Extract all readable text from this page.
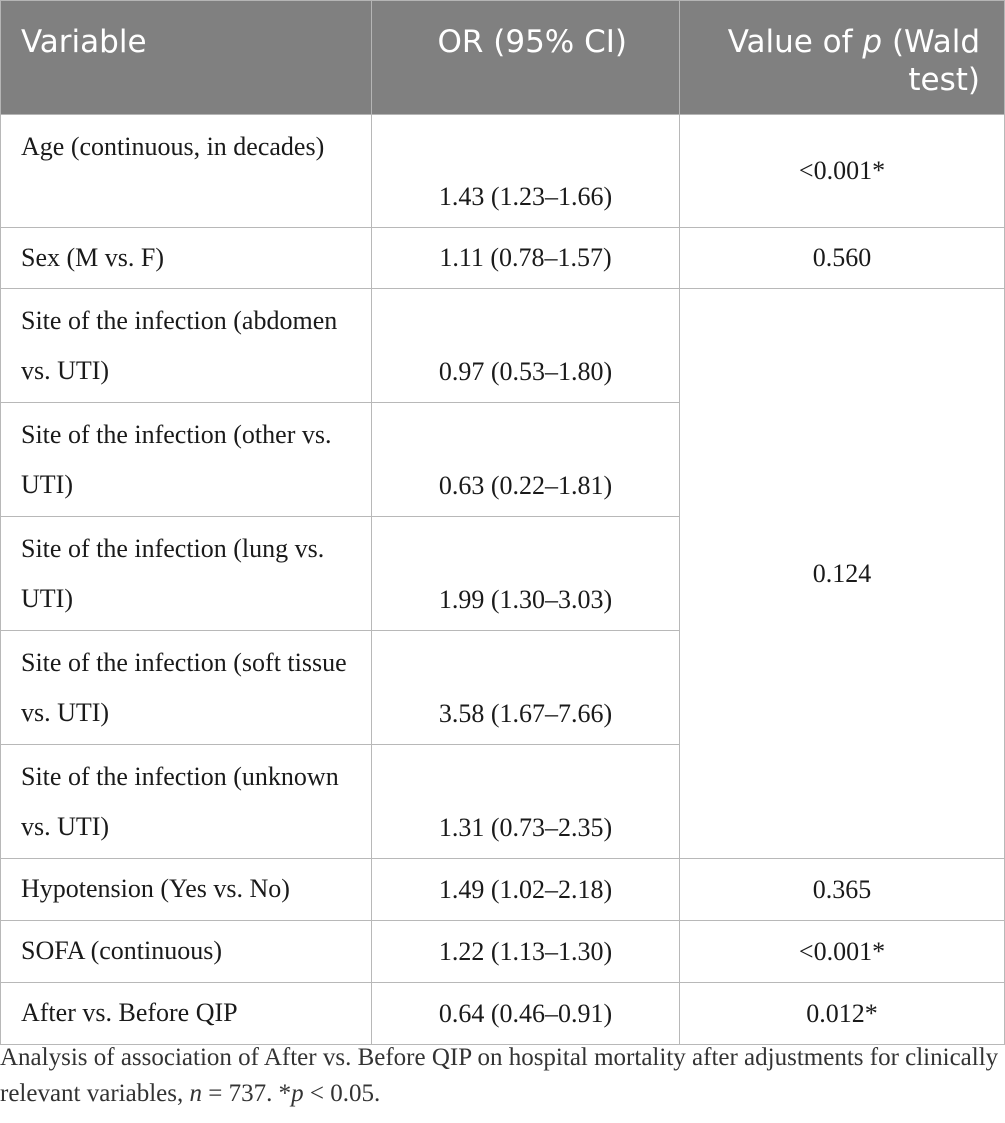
Variable	OR (95% CI)	Value of p (Wald test)

Age (continuous, in decades)	1.43 (1.23–1.66)	<0.001*
Sex (M vs. F)	1.11 (0.78–1.57)	0.560
Site of the infection (abdomen vs. UTI)	0.97 (0.53–1.80)	0.124
Site of the infection (other vs. UTI)	0.63 (0.22–1.81)	
Site of the infection (lung vs. UTI)	1.99 (1.30–3.03)	
Site of the infection (soft tissue vs. UTI)	3.58 (1.67–7.66)	
Site of the infection (unknown vs. UTI)	1.31 (0.73–2.35)	
Hypotension (Yes vs. No)	1.49 (1.02–2.18)	0.365
SOFA (continuous)	1.22 (1.13–1.30)	<0.001*
After vs. Before QIP	0.64 (0.46–0.91)	0.012*
Analysis of association of After vs. Before QIP on hospital mortality after adjustments for clinically relevant variables, n = 737. *p < 0.05.
